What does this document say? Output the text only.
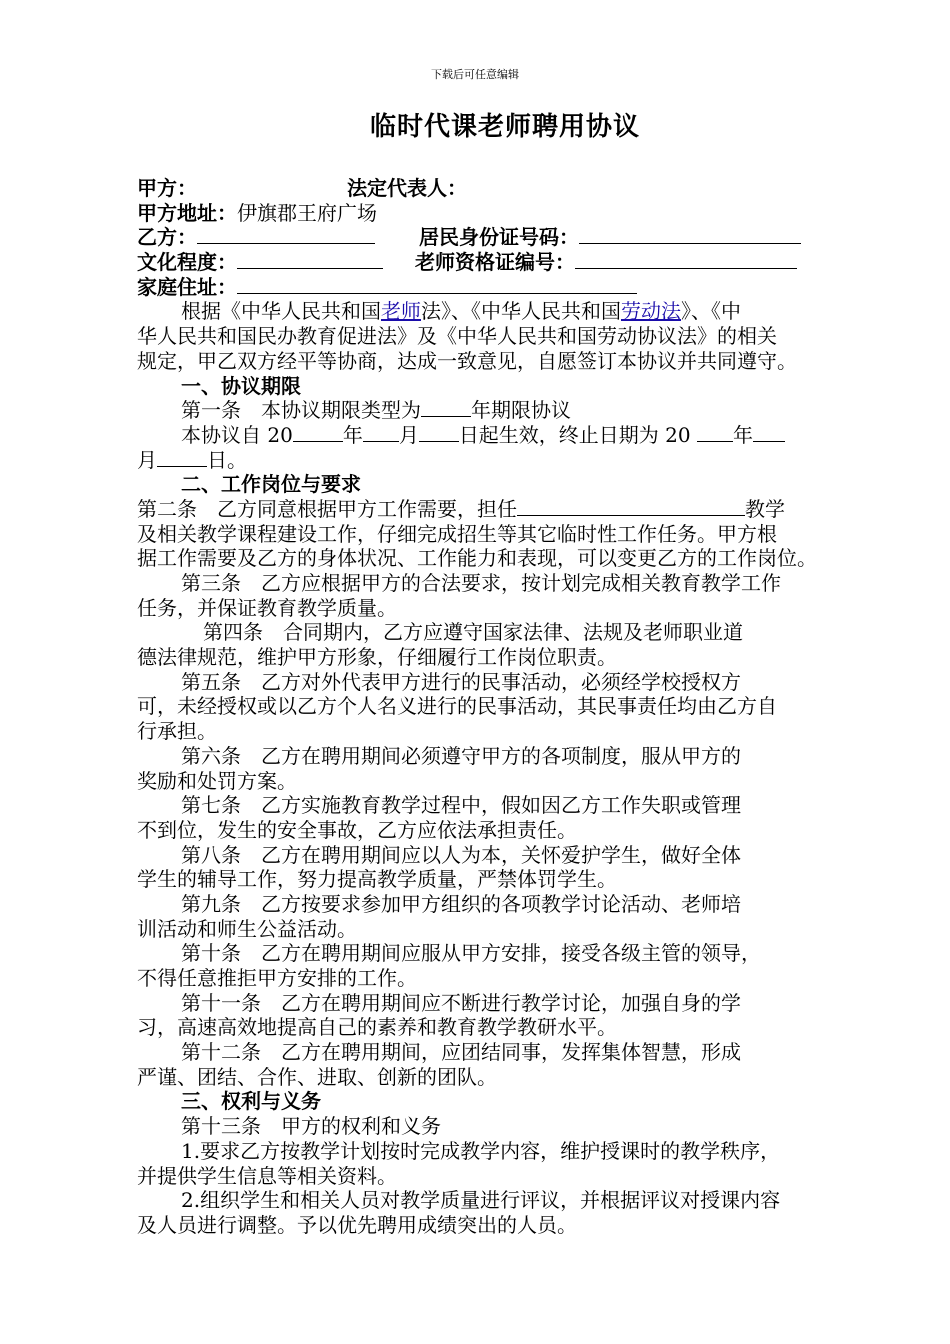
下载后可任意编辑
临时代课老师聘用协议
甲方：	法定代表人：
甲方地址：伊旗郡王府广场
乙方：	居民身份证号码：
文化程度：	老师资格证编号：
家庭住址：
根据《中华人民共和国老师法》、《中华人民共和国劳动法》、《中
华人民共和国民办教育促进法》及《中华人民共和国劳动协议法》的相关
规定，甲乙双方经平等协商，达成一致意见，自愿签订本协议并共同遵守。
一、协议期限
第一条　本协议期限类型为	年期限协议
本协议自 20	年 月 日起生效，终止日期为 20 年
月	日。
二、工作岗位与要求
第二条　乙方同意根据甲方工作需要，担任	教学
及相关教学课程建设工作，仔细完成招生等其它临时性工作任务。甲方根
据工作需要及乙方的身体状况、工作能力和表现，可以变更乙方的工作岗位。
第三条　乙方应根据甲方的合法要求，按计划完成相关教育教学工作
任务，并保证教育教学质量。
第四条　合同期内，乙方应遵守国家法律、法规及老师职业道
德法律规范，维护甲方形象，仔细履行工作岗位职责。
第五条　乙方对外代表甲方进行的民事活动，必须经学校授权方
可，未经授权或以乙方个人名义进行的民事活动，其民事责任均由乙方自
行承担。
第六条　乙方在聘用期间必须遵守甲方的各项制度，服从甲方的
奖励和处罚方案。
第七条　乙方实施教育教学过程中，假如因乙方工作失职或管理
不到位，发生的安全事故，乙方应依法承担责任。
第八条　乙方在聘用期间应以人为本，关怀爱护学生，做好全体
学生的辅导工作，努力提高教学质量，严禁体罚学生。
第九条　乙方按要求参加甲方组织的各项教学讨论活动、老师培
训活动和师生公益活动。
第十条　乙方在聘用期间应服从甲方安排，接受各级主管的领导，
不得任意推拒甲方安排的工作。
第十一条　乙方在聘用期间应不断进行教学讨论，加强自身的学
习，高速高效地提高自己的素养和教育教学教研水平。
第十二条　乙方在聘用期间，应团结同事，发挥集体智慧，形成
严谨、团结、合作、进取、创新的团队。
三、权利与义务
第十三条　甲方的权利和义务
1.要求乙方按教学计划按时完成教学内容，维护授课时的教学秩序，
并提供学生信息等相关资料。
2.组织学生和相关人员对教学质量进行评议，并根据评议对授课内容
及人员进行调整。予以优先聘用成绩突出的人员。
